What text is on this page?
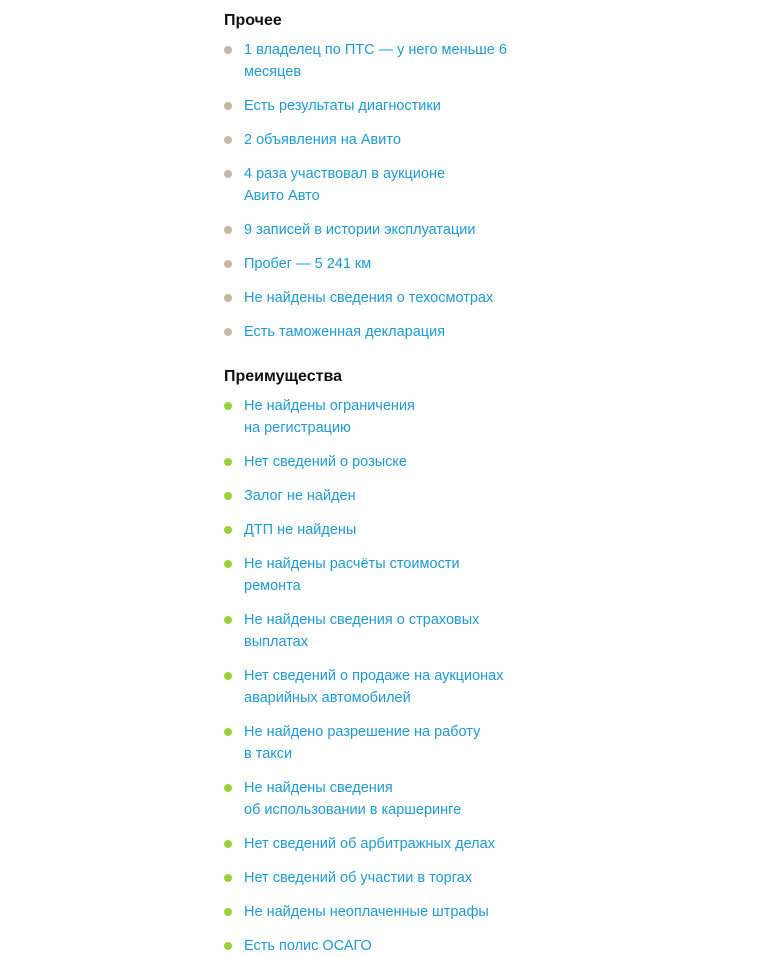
Прочее
1 владелец по ПТС — у него меньше 6
месяцев
Есть результаты диагностики
2 объявления на Авито
4 раза участвовал в аукционе
Авито Авто
9 записей в истории эксплуатации
Пробег — 5 241 км
Не найдены сведения о техосмотрах
Есть таможенная декларация
Преимущества
Не найдены ограничения
на регистрацию
Нет сведений о розыске
Залог не найден
ДТП не найдены
Не найдены расчёты стоимости
ремонта
Не найдены сведения о страховых
выплатах
Нет сведений о продаже на аукционах
аварийных автомобилей
Не найдено разрешение на работу
в такси
Не найдены сведения
об использовании в каршеринге
Нет сведений об арбитражных делах
Нет сведений об участии в торгах
Не найдены неоплаченные штрафы
Есть полис ОСАГО
